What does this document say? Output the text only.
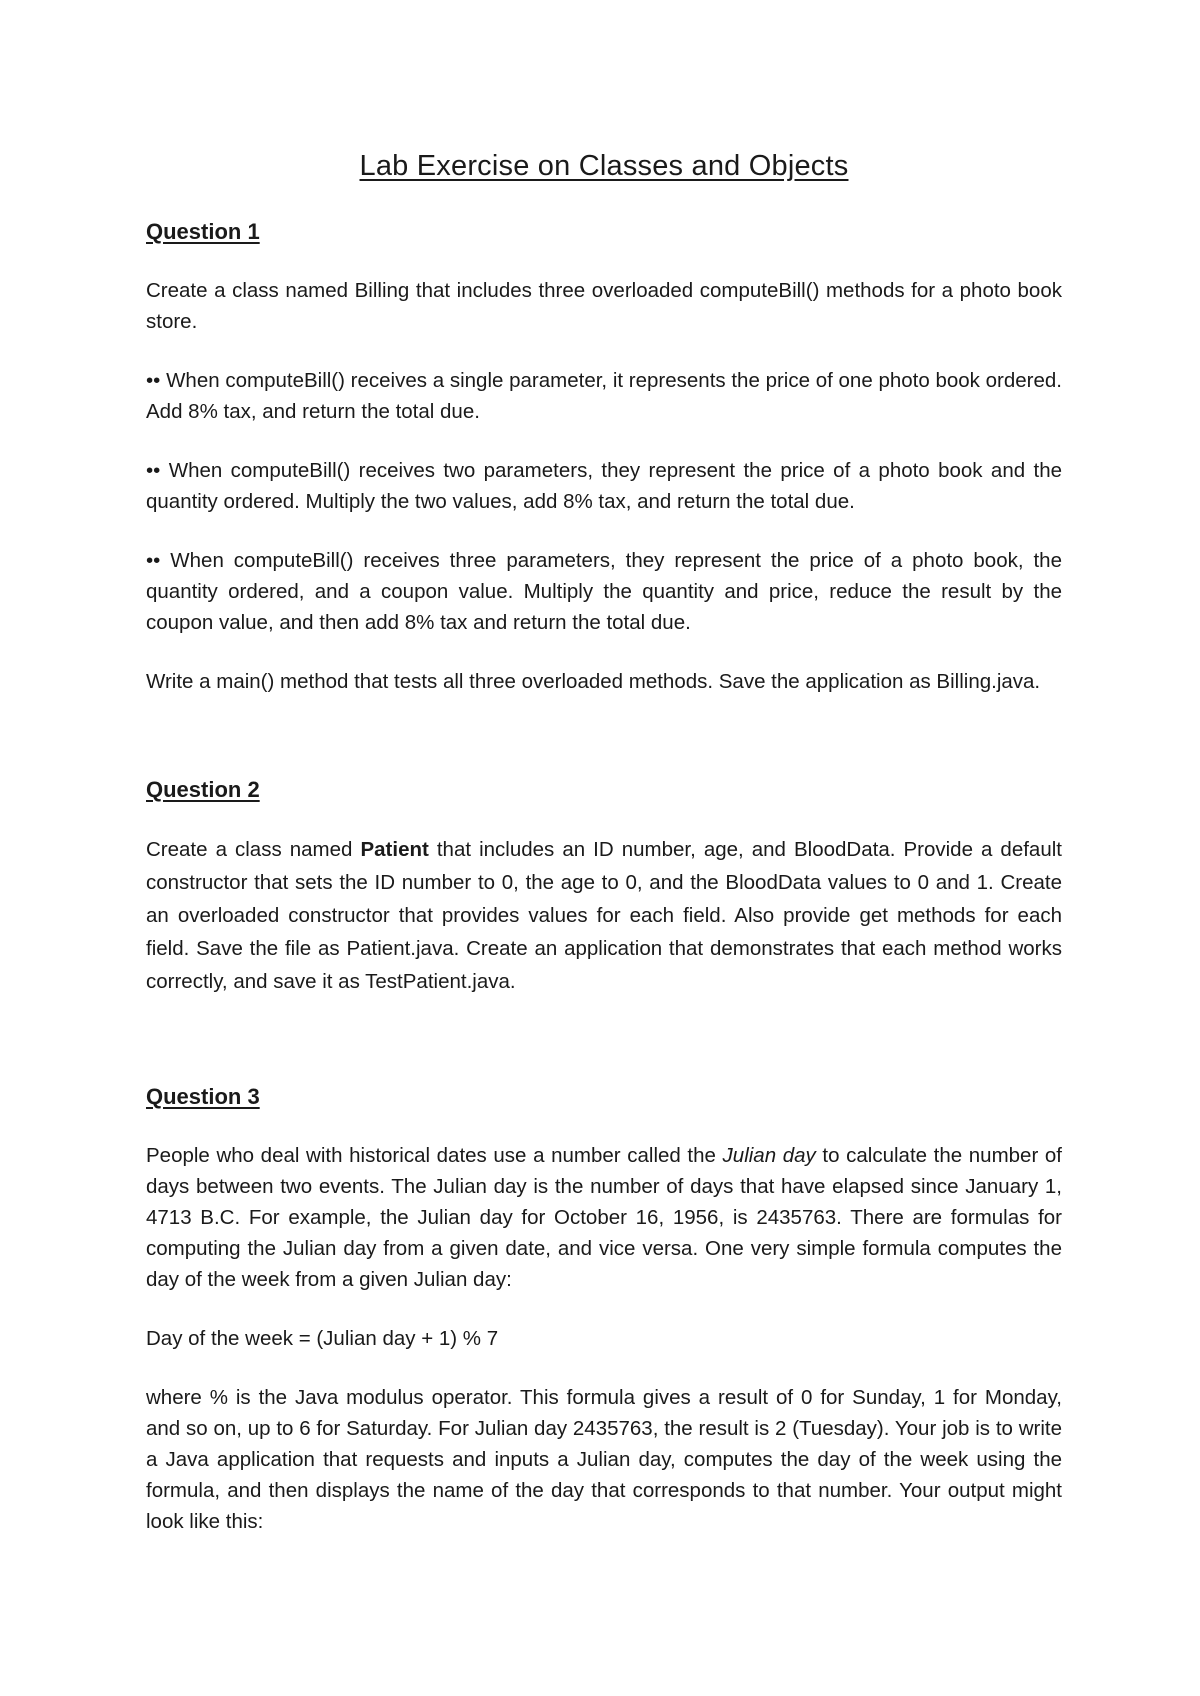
Lab Exercise on Classes and Objects
Question 1

Create a class named Billing that includes three overloaded computeBill() methods for a photo book store.

•• When computeBill() receives a single parameter, it represents the price of one photo book ordered. Add 8% tax, and return the total due.

•• When computeBill() receives two parameters, they represent the price of a photo book and the quantity ordered. Multiply the two values, add 8% tax, and return the total due.

•• When computeBill() receives three parameters, they represent the price of a photo book, the quantity ordered, and a coupon value. Multiply the quantity and price, reduce the result by the coupon value, and then add 8% tax and return the total due.

Write a main() method that tests all three overloaded methods. Save the application as Billing.java.

Question 2

Create a class named Patient that includes an ID number, age, and BloodData. Provide a default constructor that sets the ID number to 0, the age to 0, and the BloodData values to 0 and 1. Create an overloaded constructor that provides values for each field. Also provide get methods for each field. Save the file as Patient.java. Create an application that demonstrates that each method works correctly, and save it as TestPatient.java.

Question 3

People who deal with historical dates use a number called the Julian day to calculate the number of days between two events. The Julian day is the number of days that have elapsed since January 1, 4713 B.C. For example, the Julian day for October 16, 1956, is 2435763. There are formulas for computing the Julian day from a given date, and vice versa. One very simple formula computes the day of the week from a given Julian day:

Day of the week = (Julian day + 1) % 7

where % is the Java modulus operator. This formula gives a result of 0 for Sunday, 1 for Monday, and so on, up to 6 for Saturday. For Julian day 2435763, the result is 2 (Tuesday). Your job is to write a Java application that requests and inputs a Julian day, computes the day of the week using the formula, and then displays the name of the day that corresponds to that number. Your output might look like this:
